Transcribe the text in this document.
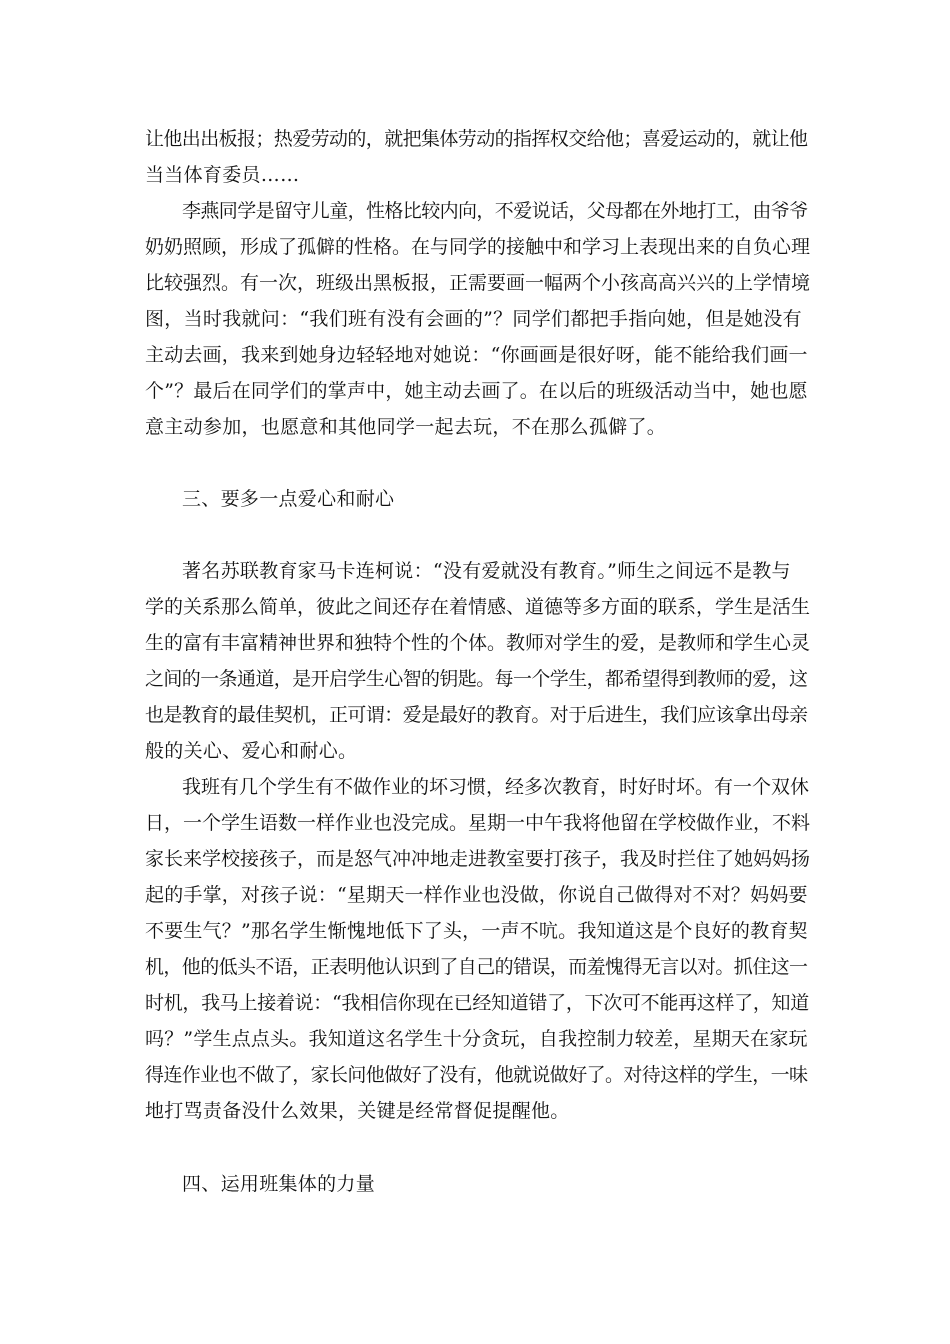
让他出出板报；热爱劳动的，就把集体劳动的指挥权交给他；喜爱运动的，就让他
当当体育委员……
李燕同学是留守儿童，性格比较内向，不爱说话，父母都在外地打工，由爷爷
奶奶照顾，形成了孤僻的性格。在与同学的接触中和学习上表现出来的自负心理
比较强烈。有一次，班级出黑板报，正需要画一幅两个小孩高高兴兴的上学情境
图，当时我就问：“我们班有没有会画的”？同学们都把手指向她，但是她没有
主动去画，我来到她身边轻轻地对她说：“你画画是很好呀，能不能给我们画一
个”？最后在同学们的掌声中，她主动去画了。在以后的班级活动当中，她也愿
意主动参加，也愿意和其他同学一起去玩，不在那么孤僻了。
三、要多一点爱心和耐心
著名苏联教育家马卡连柯说：“没有爱就没有教育。”师生之间远不是教与
学的关系那么简单，彼此之间还存在着情感、道德等多方面的联系，学生是活生
生的富有丰富精神世界和独特个性的个体。教师对学生的爱，是教师和学生心灵
之间的一条通道，是开启学生心智的钥匙。每一个学生，都希望得到教师的爱，这
也是教育的最佳契机，正可谓：爱是最好的教育。对于后进生，我们应该拿出母亲
般的关心、爱心和耐心。
我班有几个学生有不做作业的坏习惯，经多次教育，时好时坏。有一个双休
日，一个学生语数一样作业也没完成。星期一中午我将他留在学校做作业，不料
家长来学校接孩子，而是怒气冲冲地走进教室要打孩子，我及时拦住了她妈妈扬
起的手掌，对孩子说：“星期天一样作业也没做，你说自己做得对不对？妈妈要
不要生气？”那名学生惭愧地低下了头，一声不吭。我知道这是个良好的教育契
机，他的低头不语，正表明他认识到了自己的错误，而羞愧得无言以对。抓住这一
时机，我马上接着说：“我相信你现在已经知道错了，下次可不能再这样了，知道
吗？”学生点点头。我知道这名学生十分贪玩，自我控制力较差，星期天在家玩
得连作业也不做了，家长问他做好了没有，他就说做好了。对待这样的学生，一味
地打骂责备没什么效果，关键是经常督促提醒他。
四、运用班集体的力量
